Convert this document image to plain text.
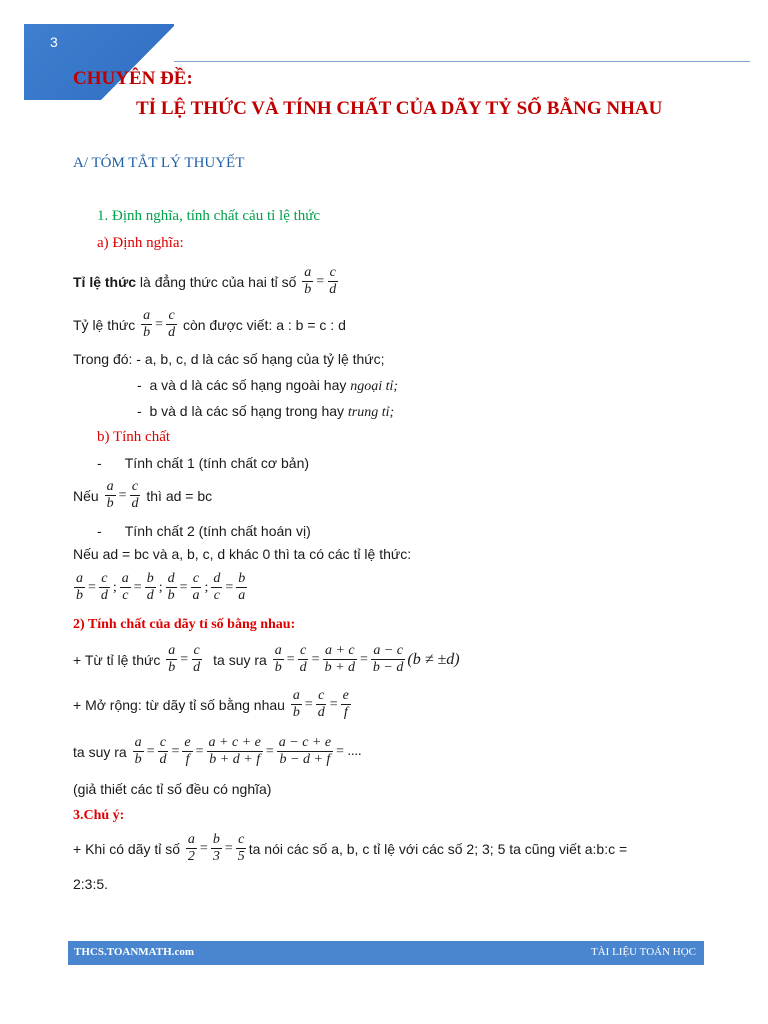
3
CHUYÊN ĐỀ:
TỈ LỆ THỨC VÀ TÍNH CHẤT CỦA DÃY TỶ SỐ BẰNG NHAU
A/ TÓM TẮT LÝ THUYẾT
1. Định nghĩa, tính chất cảu tỉ lệ thức
a) Định nghĩa:
Tỉ lệ thức là đẳng thức của hai tỉ số $\frac{a}{b} = \frac{c}{d}$
Tỷ lệ thức $\frac{a}{b} = \frac{c}{d}$ còn được viết: a : b = c : d
Trong đó: - a, b, c, d là các số hạng của tỷ lệ thức;
-  a và d là các số hạng ngoài hay ngoại tỉ;
-  b và d là các số hạng trong hay trung tỉ;
b) Tính chất
-      Tính chất 1 (tính chất cơ bản)
Nếu $\frac{a}{b} = \frac{c}{d}$ thì ad = bc
-      Tính chất 2 (tính chất hoán vị)
Nếu ad = bc và a, b, c, d khác 0 thì ta có các tỉ lệ thức:
$\frac{a}{b} = \frac{c}{d}$ ; $\frac{a}{c} = \frac{b}{d}$ ; $\frac{d}{b} = \frac{c}{a}$ ; $\frac{d}{c} = \frac{b}{a}$
2) Tính chất của dãy tỉ số bằng nhau:
+ Từ tỉ lệ thức $\frac{a}{b} = \frac{c}{d}$
ta suy ra $\frac{a}{b} = \frac{c}{d} = \frac{a + c}{b + d} = \frac{a - c}{b - d} (b \ne \pm d)$
+ Mở rộng: từ dãy tỉ số bằng nhau $\frac{a}{b} = \frac{c}{d} = \frac{e}{f}$
ta suy ra $\frac{a}{b} = \frac{c}{d} = \frac{e}{f} = \frac{a + c + e}{b + d + f} = \frac{a - c + e}{b - d + f}$ = ....
(giả thiết các tỉ số đều có nghĩa)
3.Chú ý:
+ Khi có dãy tỉ số $\frac{a}{2} = \frac{b}{3} = \frac{c}{5}$ ta nói các số a, b, c tỉ lệ với các số 2; 3; 5 ta cũng viết a:b:c =
2:3:5.
THCS.TOANMATH.com	TÀI LIỆU TOÁN HỌC
